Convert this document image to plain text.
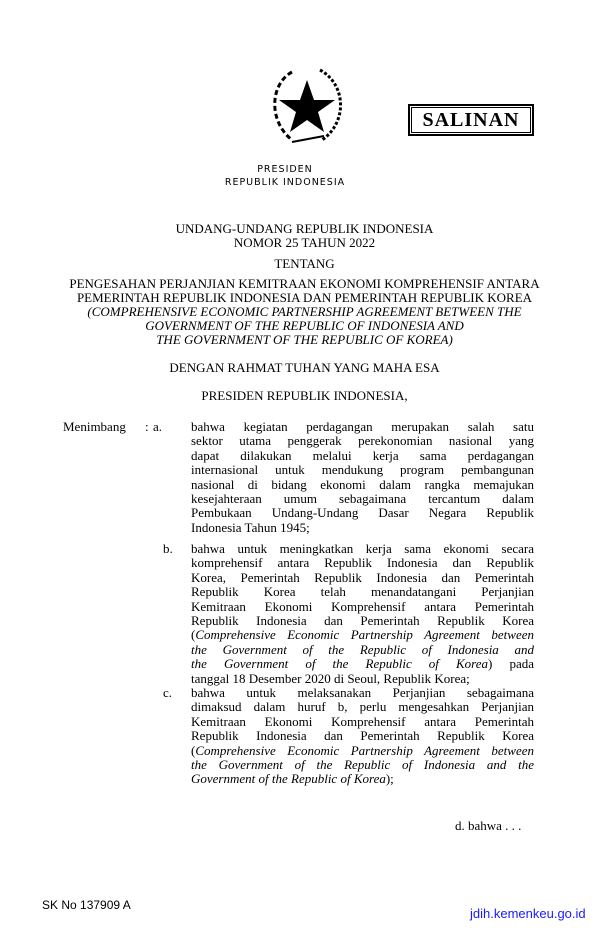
SALINAN
PRESIDEN
REPUBLIK INDONESIA
UNDANG-UNDANG REPUBLIK INDONESIA
NOMOR 25 TAHUN 2022
TENTANG
PENGESAHAN PERJANJIAN KEMITRAAN EKONOMI KOMPREHENSIF ANTARA
PEMERINTAH REPUBLIK INDONESIA DAN PEMERINTAH REPUBLIK KOREA
(COMPREHENSIVE ECONOMIC PARTNERSHIP AGREEMENT BETWEEN THE
GOVERNMENT OF THE REPUBLIC OF INDONESIA AND
THE GOVERNMENT OF THE REPUBLIC OF KOREA)
DENGAN RAHMAT TUHAN YANG MAHA ESA
PRESIDEN REPUBLIK INDONESIA,
Menimbang : a. bahwa kegiatan perdagangan merupakan salah satu
sektor utama penggerak perekonomian nasional yang
dapat dilakukan melalui kerja sama perdagangan
internasional untuk mendukung program pembangunan
nasional di bidang ekonomi dalam rangka memajukan
kesejahteraan umum sebagaimana tercantum dalam
Pembukaan Undang-Undang Dasar Negara Republik
Indonesia Tahun 1945;
b. bahwa untuk meningkatkan kerja sama ekonomi secara
komprehensif antara Republik Indonesia dan Republik
Korea, Pemerintah Republik Indonesia dan Pemerintah
Republik Korea telah menandatangani Perjanjian
Kemitraan Ekonomi Komprehensif antara Pemerintah
Republik Indonesia dan Pemerintah Republik Korea
(Comprehensive Economic Partnership Agreement between
the Government of the Republic of Indonesia and
the Government of the Republic of Korea) pada
tanggal 18 Desember 2020 di Seoul, Republik Korea;
c. bahwa untuk melaksanakan Perjanjian sebagaimana
dimaksud dalam huruf b, perlu mengesahkan Perjanjian
Kemitraan Ekonomi Komprehensif antara Pemerintah
Republik Indonesia dan Pemerintah Republik Korea
(Comprehensive Economic Partnership Agreement between
the Government of the Republic of Indonesia and the
Government of the Republic of Korea);
d. bahwa . . .
SK No 137909 A
jdih.kemenkeu.go.id
